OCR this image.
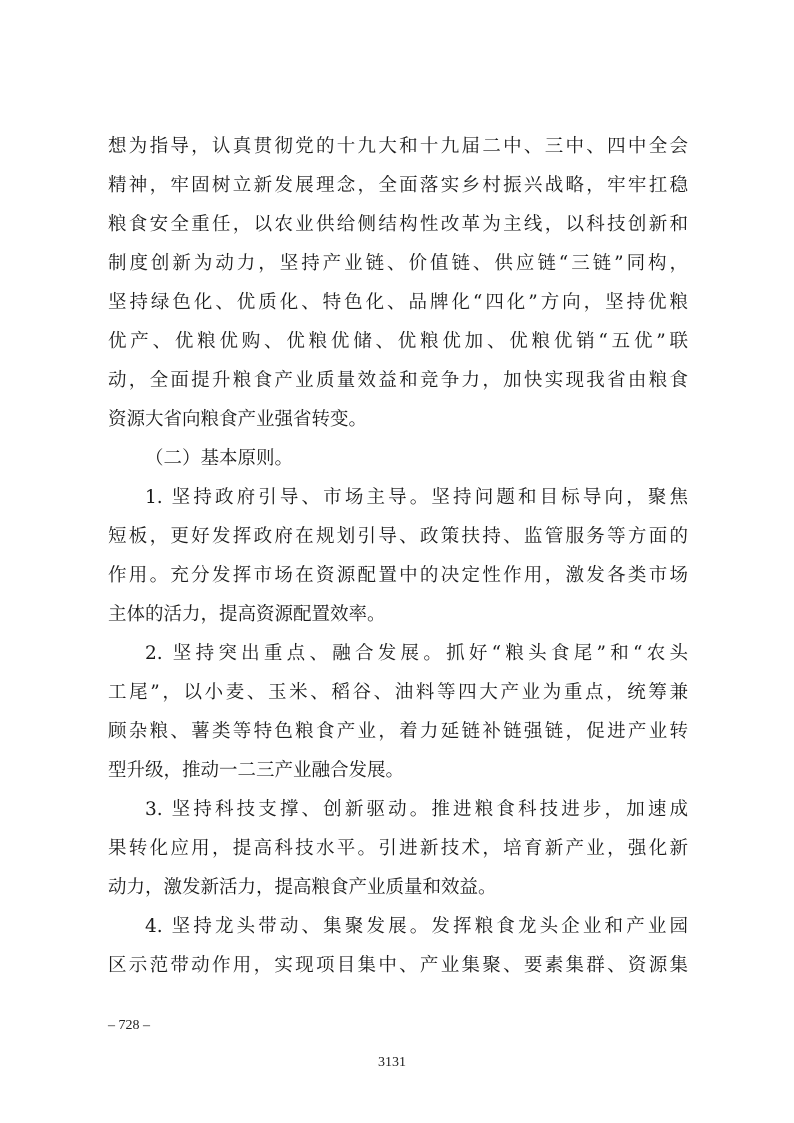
想为指导，认真贯彻党的十九大和十九届二中、三中、四中全会
精神，牢固树立新发展理念，全面落实乡村振兴战略，牢牢扛稳
粮食安全重任，以农业供给侧结构性改革为主线，以科技创新和
制度创新为动力，坚持产业链、价值链、供应链“三链”同构，
坚持绿色化、优质化、特色化、品牌化“四化”方向，坚持优粮
优产、优粮优购、优粮优储、优粮优加、优粮优销“五优”联
动，全面提升粮食产业质量效益和竞争力，加快实现我省由粮食
资源大省向粮食产业强省转变。
（二）基本原则。
1. 坚持政府引导、市场主导。坚持问题和目标导向，聚焦
短板，更好发挥政府在规划引导、政策扶持、监管服务等方面的
作用。充分发挥市场在资源配置中的决定性作用，激发各类市场
主体的活力，提高资源配置效率。
2. 坚持突出重点、融合发展。抓好“粮头食尾”和“农头
工尾”，以小麦、玉米、稻谷、油料等四大产业为重点，统筹兼
顾杂粮、薯类等特色粮食产业，着力延链补链强链，促进产业转
型升级，推动一二三产业融合发展。
3. 坚持科技支撑、创新驱动。推进粮食科技进步，加速成
果转化应用，提高科技水平。引进新技术，培育新产业，强化新
动力，激发新活力，提高粮食产业质量和效益。
4. 坚持龙头带动、集聚发展。发挥粮食龙头企业和产业园
区示范带动作用，实现项目集中、产业集聚、要素集群、资源集
– 728 –
3131
